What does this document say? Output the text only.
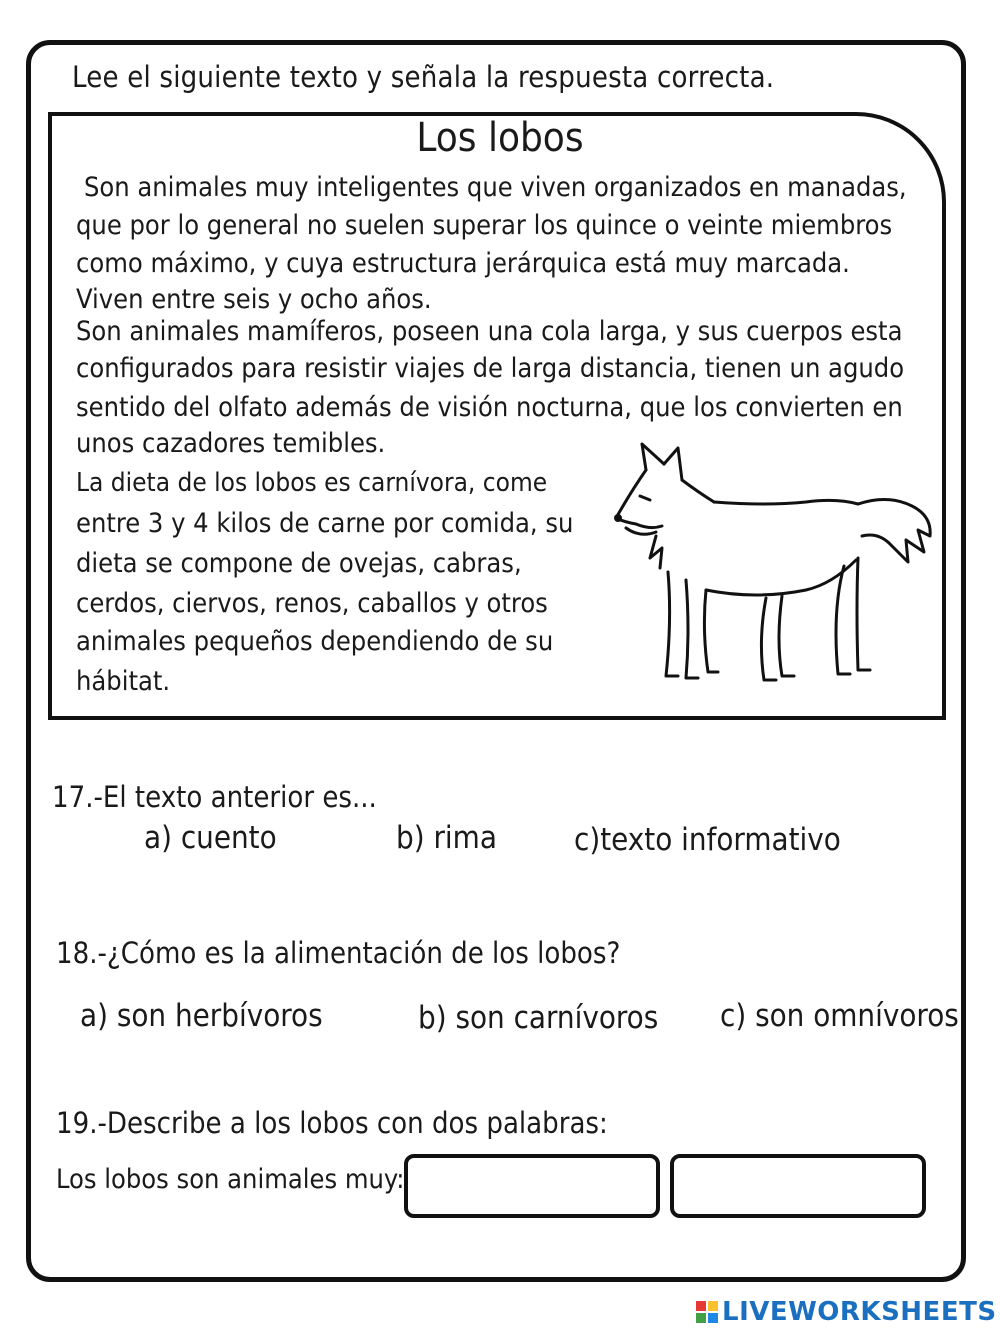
Lee el siguiente texto y señala la respuesta correcta.
Los lobos
Son animales muy inteligentes que viven organizados en manadas,
que por lo general no suelen superar los quince o veinte miembros
como máximo, y cuya estructura jerárquica está muy marcada.
Viven entre seis y ocho años.
Son animales mamíferos, poseen una cola larga, y sus cuerpos esta
configurados para resistir viajes de larga distancia, tienen un agudo
sentido del olfato además de visión nocturna, que los convierten en
unos cazadores temibles.
La dieta de los lobos es carnívora, come
entre 3 y 4 kilos de carne por comida, su
dieta se compone de ovejas, cabras,
cerdos, ciervos, renos, caballos y otros
animales pequeños dependiendo de su
hábitat.
17.-El texto anterior es...
a) cuento	b) rima c)texto informativo
18.-¿Cómo es la alimentación de los lobos?
a) son herbívoros	b) son carnívoros c) son omnívoros
19.-Describe a los lobos con dos palabras:
Los lobos son animales muy:
LIVEWORKSHEETS
